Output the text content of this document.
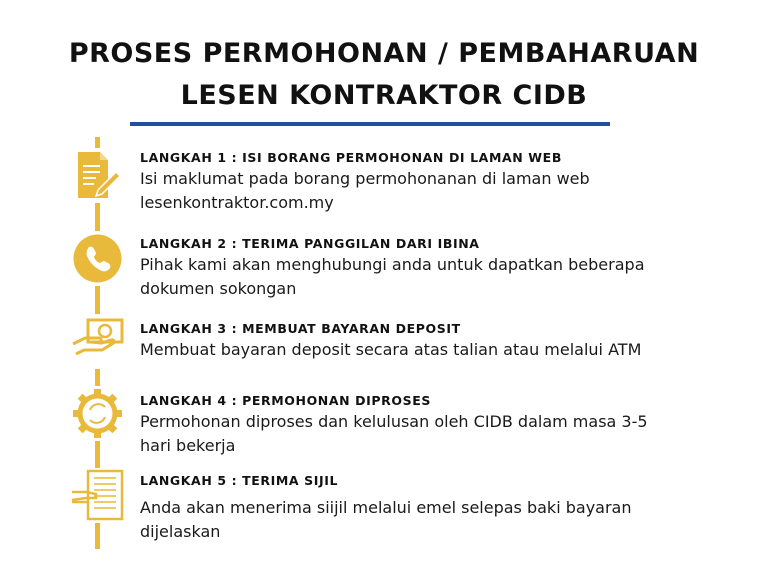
PROSES PERMOHONAN / PEMBAHARUAN
LESEN KONTRAKTOR CIDB
LANGKAH 1 : ISI BORANG PERMOHONAN DI LAMAN WEB

Isi maklumat pada borang permohonanan di laman web
lesenkontraktor.com.my

LANGKAH 2 : TERIMA PANGGILAN DARI IBINA

Pihak kami akan menghubungi anda untuk dapatkan beberapa
dokumen sokongan

LANGKAH 3 : MEMBUAT BAYARAN DEPOSIT

Membuat bayaran deposit secara atas talian atau melalui ATM

LANGKAH 4 : PERMOHONAN DIPROSES

Permohonan diproses dan kelulusan oleh CIDB dalam masa 3-5
hari bekerja

LANGKAH 5 : TERIMA SIJIL

Anda akan menerima siijil melalui emel selepas baki bayaran
dijelaskan
